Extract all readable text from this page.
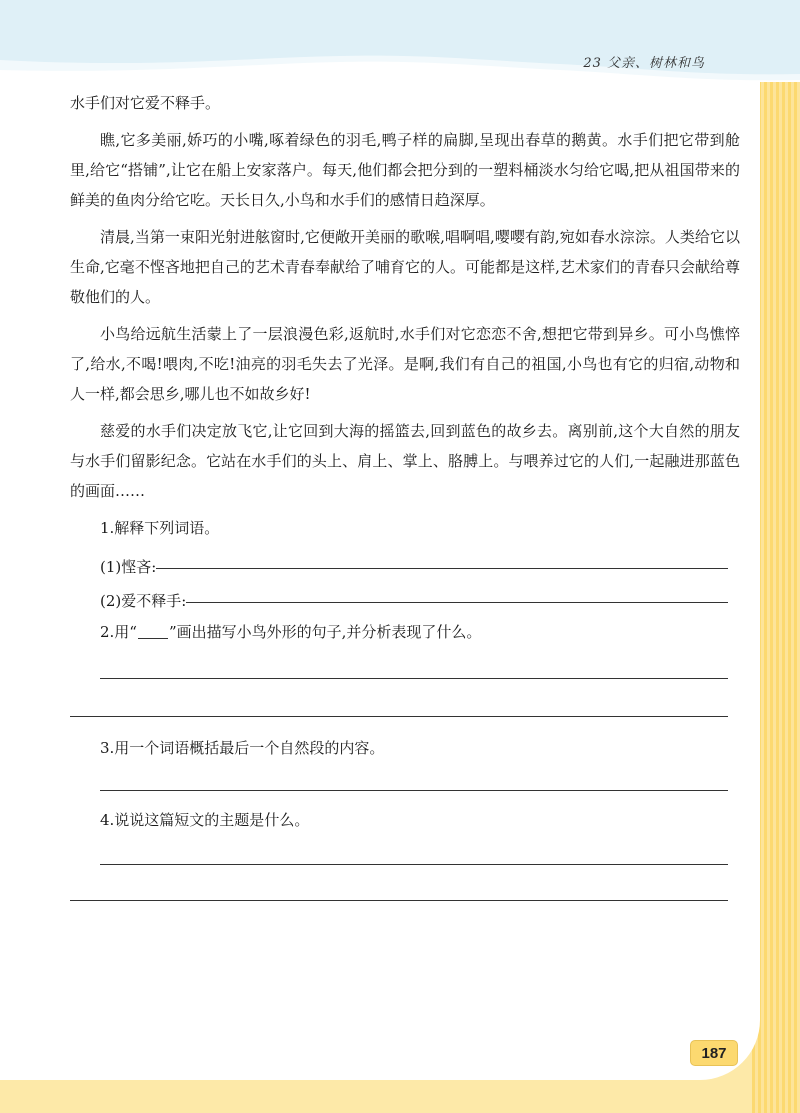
23 父亲、树林和鸟

水手们对它爱不释手。

瞧,它多美丽,娇巧的小嘴,啄着绿色的羽毛,鸭子样的扁脚,呈现出春草的鹅黄。水手们把它带到舱里,给它“搭铺”,让它在船上安家落户。每天,他们都会把分到的一塑料桶淡水匀给它喝,把从祖国带来的鲜美的鱼肉分给它吃。天长日久,小鸟和水手们的感情日趋深厚。

清晨,当第一束阳光射进舷窗时,它便敞开美丽的歌喉,唱啊唱,嘤嘤有韵,宛如春水淙淙。人类给它以生命,它毫不悭吝地把自己的艺术青春奉献给了哺育它的人。可能都是这样,艺术家们的青春只会献给尊敬他们的人。

小鸟给远航生活蒙上了一层浪漫色彩,返航时,水手们对它恋恋不舍,想把它带到异乡。可小鸟憔悴了,给水,不喝!喂肉,不吃!油亮的羽毛失去了光泽。是啊,我们有自己的祖国,小鸟也有它的归宿,动物和人一样,都会思乡,哪儿也不如故乡好!

慈爱的水手们决定放飞它,让它回到大海的摇篮去,回到蓝色的故乡去。离别前,这个大自然的朋友与水手们留影纪念。它站在水手们的头上、肩上、掌上、胳膊上。与喂养过它的人们,一起融进那蓝色的画面……

1.解释下列词语。

(1)悭吝:
(2)爱不释手:

2.用“ ”画出描写小鸟外形的句子,并分析表现了什么。

3.用一个词语概括最后一个自然段的内容。

4.说说这篇短文的主题是什么。

187
